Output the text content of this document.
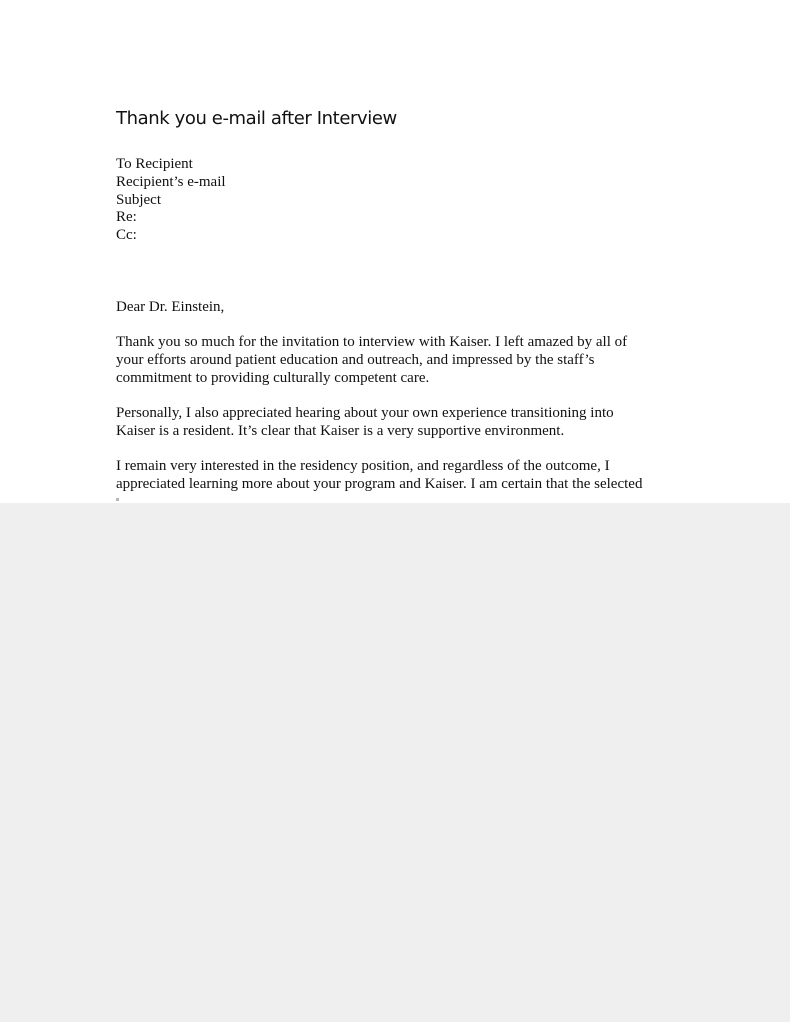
Thank you e-mail after Interview
To Recipient
Recipient’s e-mail
Subject
Re:
Cc:
Dear Dr. Einstein,
Thank you so much for the invitation to interview with Kaiser. I left amazed by all of
your efforts around patient education and outreach, and impressed by the staff’s
commitment to providing culturally competent care.
Personally, I also appreciated hearing about your own experience transitioning into
Kaiser is a resident. It’s clear that Kaiser is a very supportive environment.
I remain very interested in the residency position, and regardless of the outcome, I
appreciated learning more about your program and Kaiser. I am certain that the selected
